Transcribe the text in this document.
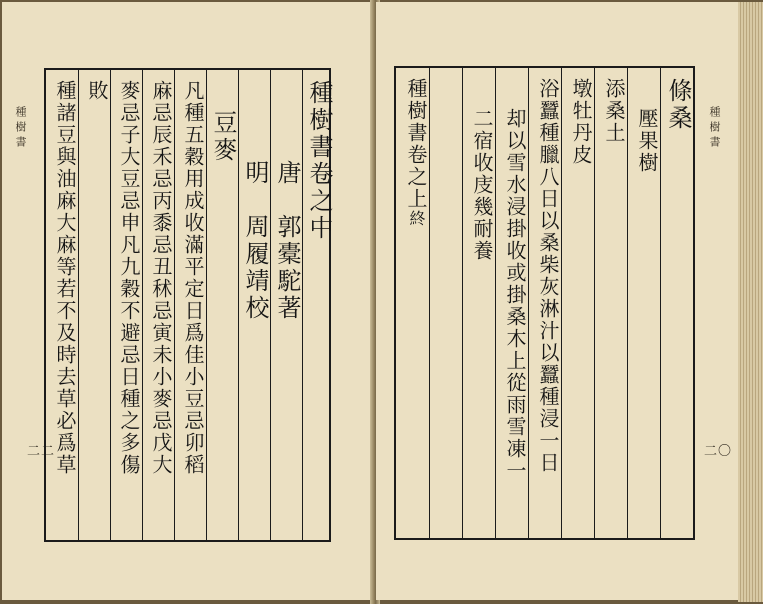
種樹書
二二
種樹書卷之中
唐　郭橐駝著
明　周履靖校
豆麥
凡種五穀用成收滿平定日爲佳小豆忌卯稻
麻忌辰禾忌丙黍忌丑秫忌寅未小麥忌戊大
麥忌子大豆忌申凡九穀不避忌日種之多傷
敗
種諸豆與油麻大麻等若不及時去草必爲草	種樹書
二〇
條桑
壓果樹
添桑土
墩牡丹皮
浴蠶種臘八日以桑柴灰淋汁以蠶種浸一日
却以雪水浸掛收或掛桑木上從雨雪凍一
二宿收庋幾耐養
種樹書卷之上終
